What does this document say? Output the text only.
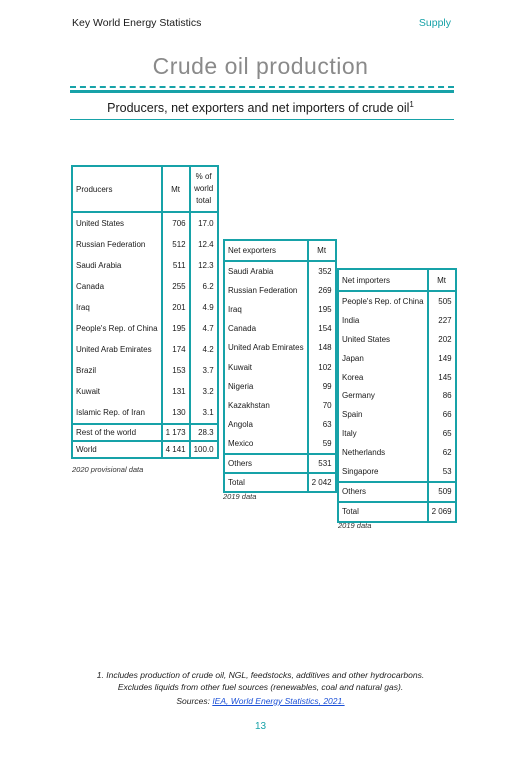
Key World Energy Statistics	Supply
Crude oil production
Producers, net exporters and net importers of crude oil$^1$
Producers	Mt	% of world total
United States	706	17.0
Russian Federation	512	12.4
Saudi Arabia	511	12.3
Canada	255	6.2
Iraq	201	4.9
People's Rep. of China	195	4.7
United Arab Emirates	174	4.2
Brazil	153	3.7
Kuwait	131	3.2
Islamic Rep. of Iran	130	3.1
Rest of the world	1 173	28.3
World	4 141	100.0
2020 provisional data
Net exporters	Mt
Saudi Arabia	352
Russian Federation	269
Iraq	195
Canada	154
United Arab Emirates	148
Kuwait	102
Nigeria	99
Kazakhstan	70
Angola	63
Mexico	59
Others	531
Total	2 042
2019 data
Net importers	Mt
People's Rep. of China	505
India	227
United States	202
Japan	149
Korea	145
Germany	86
Spain	66
Italy	65
Netherlands	62
Singapore	53
Others	509
Total	2 069
2019 data
1. Includes production of crude oil, NGL, feedstocks, additives and other hydrocarbons.
Excludes liquids from other fuel sources (renewables, coal and natural gas).
Sources: IEA, World Energy Statistics, 2021.
13
